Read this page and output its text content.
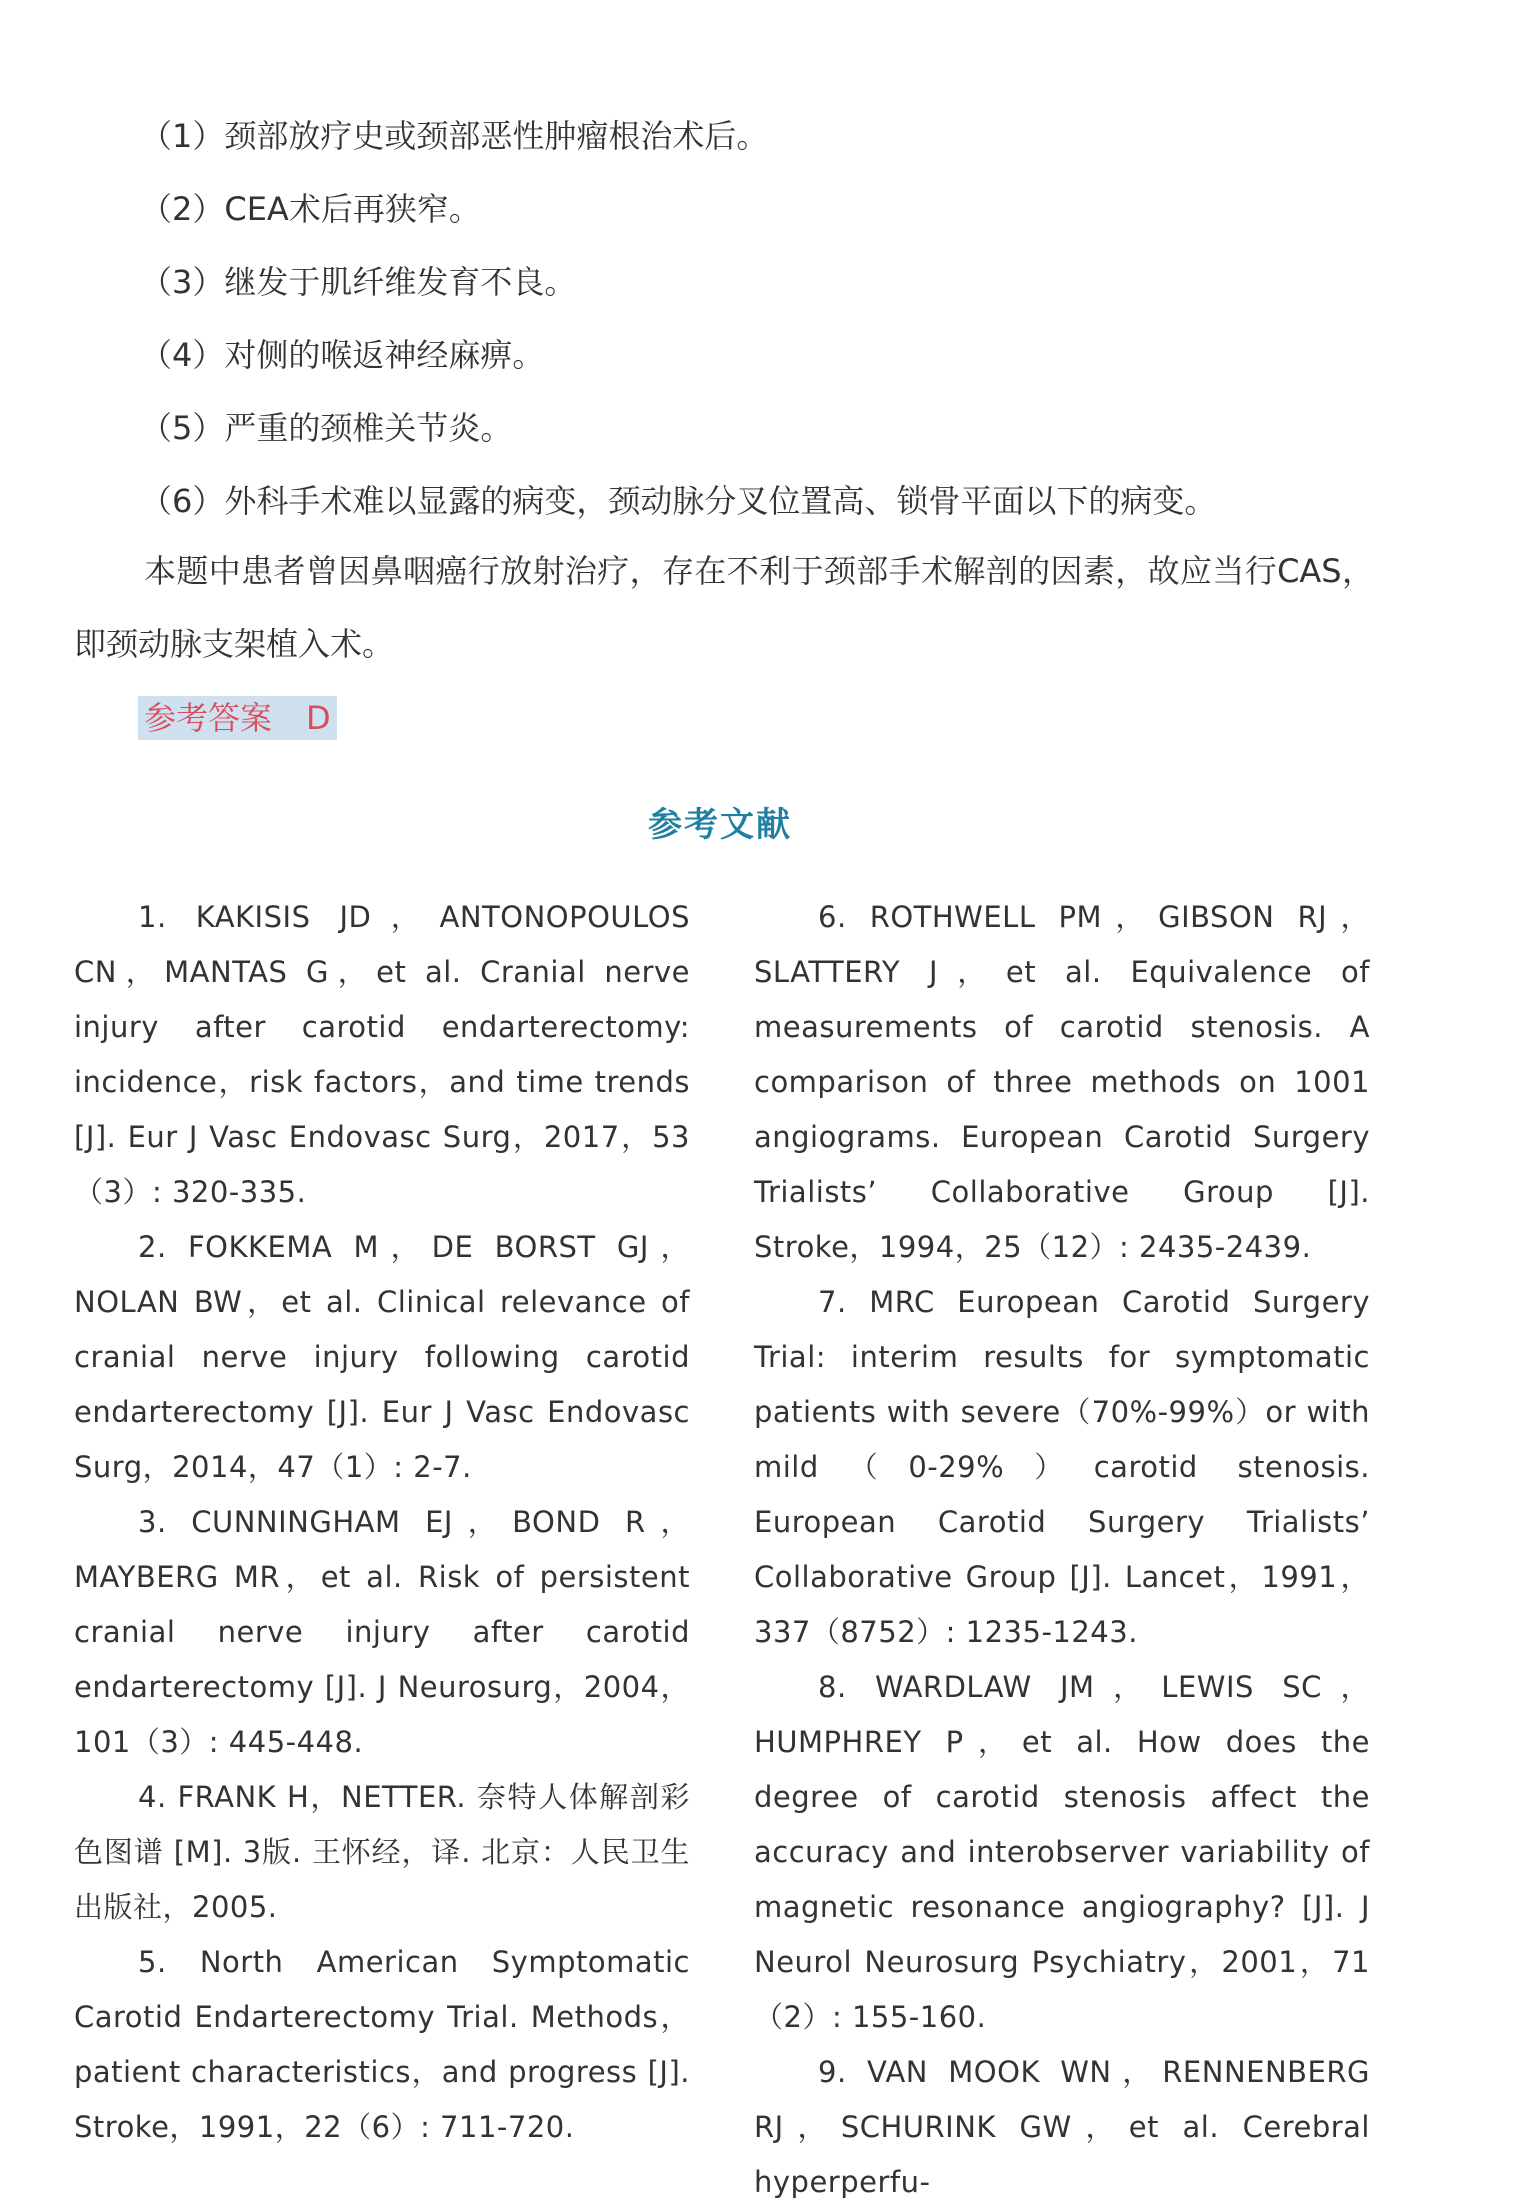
（1）颈部放疗史或颈部恶性肿瘤根治术后。
（2）CEA术后再狭窄。
（3）继发于肌纤维发育不良。
（4）对侧的喉返神经麻痹。
（5）严重的颈椎关节炎。
（6）外科手术难以显露的病变，颈动脉分叉位置高、锁骨平面以下的病变。

本题中患者曾因鼻咽癌行放射治疗，存在不利于颈部手术解剖的因素，故应当行CAS，即颈动脉支架植入术。

参考答案 D
参考文献

1. KAKISIS JD，ANTONOPOULOS CN，MANTAS G，et al. Cranial nerve injury after carotid endarterectomy: incidence，risk factors，and time trends [J]. Eur J Vasc Endovasc Surg，2017，53（3）: 320-335.

2. FOKKEMA M，DE BORST GJ，NOLAN BW，et al. Clinical relevance of cranial nerve injury following carotid endarterectomy [J]. Eur J Vasc Endovasc Surg，2014，47（1）: 2-7.

3. CUNNINGHAM EJ，BOND R，MAYBERG MR，et al. Risk of persistent cranial nerve injury after carotid endarterectomy [J]. J Neurosurg，2004，101（3）: 445-448.

4. FRANK H，NETTER. 奈特人体解剖彩色图谱 [M]. 3版. 王怀经，译. 北京：人民卫生出版社，2005.

5. North American Symptomatic Carotid Endarterectomy Trial. Methods，patient characteristics，and progress [J]. Stroke，1991，22（6）: 711-720.

6. ROTHWELL PM，GIBSON RJ，SLATTERY J，et al. Equivalence of measurements of carotid stenosis. A comparison of three methods on 1001 angiograms. European Carotid Surgery Trialists’ Collaborative Group [J]. Stroke，1994，25（12）: 2435-2439.

7. MRC European Carotid Surgery Trial: interim results for symptomatic patients with severe（70%-99%）or with mild（0-29%）carotid stenosis. European Carotid Surgery Trialists’ Collaborative Group [J]. Lancet，1991，337（8752）: 1235-1243.

8. WARDLAW JM，LEWIS SC，HUMPHREY P，et al. How does the degree of carotid stenosis affect the accuracy and interobserver variability of magnetic resonance angiography? [J]. J Neurol Neurosurg Psychiatry，2001，71（2）: 155-160.

9. VAN MOOK WN，RENNENBERG RJ，SCHURINK GW，et al. Cerebral hyperperfu-
